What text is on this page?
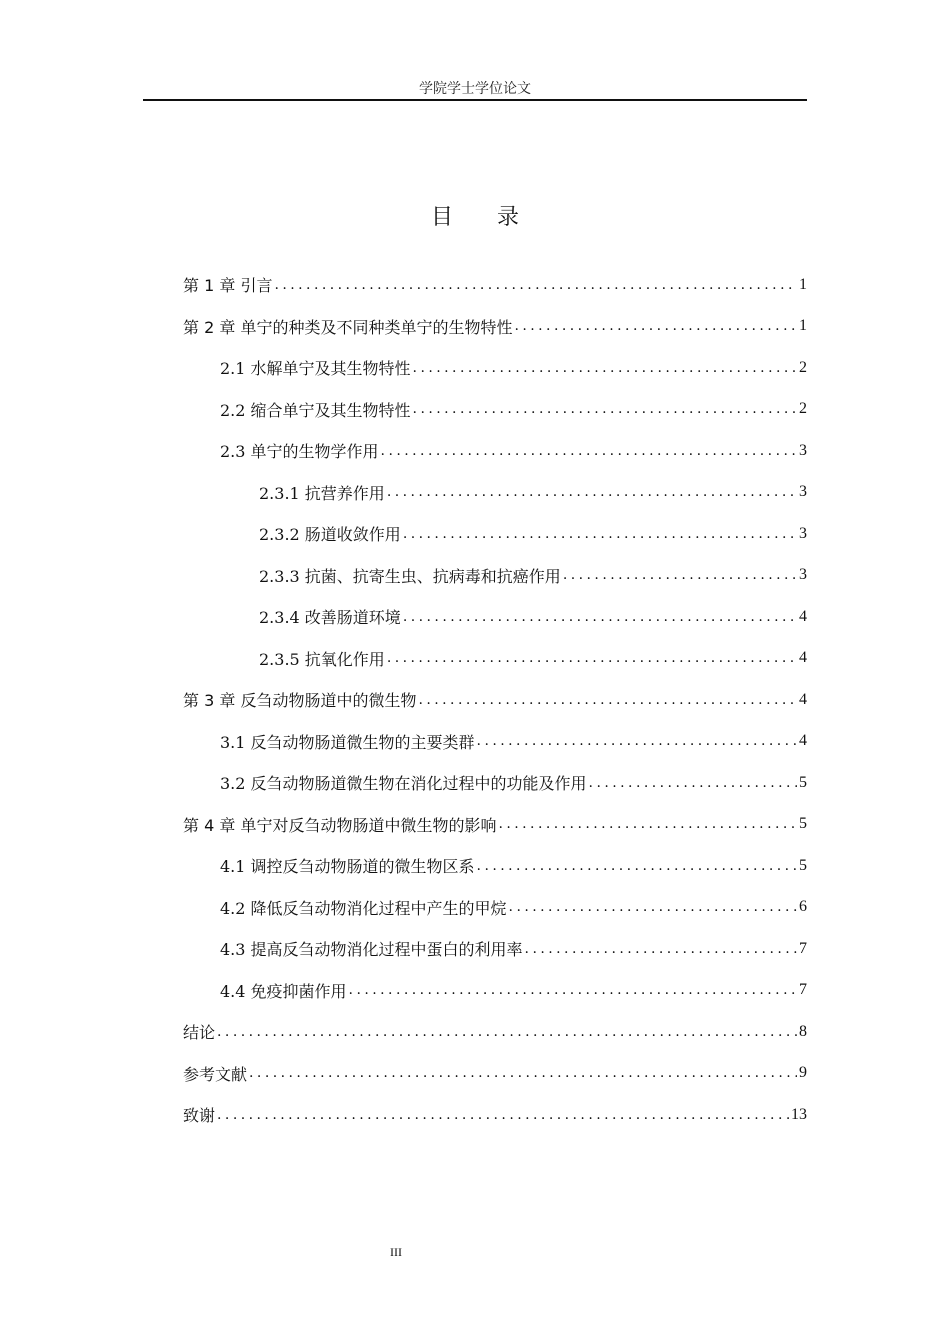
学院学士学位论文
目录
第 1 章 引言 . . .	1
第 2 章 单宁的种类及不同种类单宁的生物特性 . . .	1
2.1 水解单宁及其生物特性 . . .	2
2.2 缩合单宁及其生物特性 . . .	2
2.3 单宁的生物学作用 . . .	3
2.3.1 抗营养作用 . . .	3
2.3.2 肠道收敛作用 . . .	3
2.3.3 抗菌、抗寄生虫、抗病毒和抗癌作用 . . .	3
2.3.4 改善肠道环境 . . .	4
2.3.5 抗氧化作用 . . .	4
第 3 章 反刍动物肠道中的微生物 . . .	4
3.1 反刍动物肠道微生物的主要类群 . . .	4
3.2 反刍动物肠道微生物在消化过程中的功能及作用 . . .	5
第 4 章 单宁对反刍动物肠道中微生物的影响 . . .	5
4.1 调控反刍动物肠道的微生物区系 . . .	5
4.2 降低反刍动物消化过程中产生的甲烷 . . .	6
4.3 提高反刍动物消化过程中蛋白的利用率 . . .	7
4.4 免疫抑菌作用 . . .	7
结论 . . .	8
参考文献 . . .	9
致谢 . . .	13
III
